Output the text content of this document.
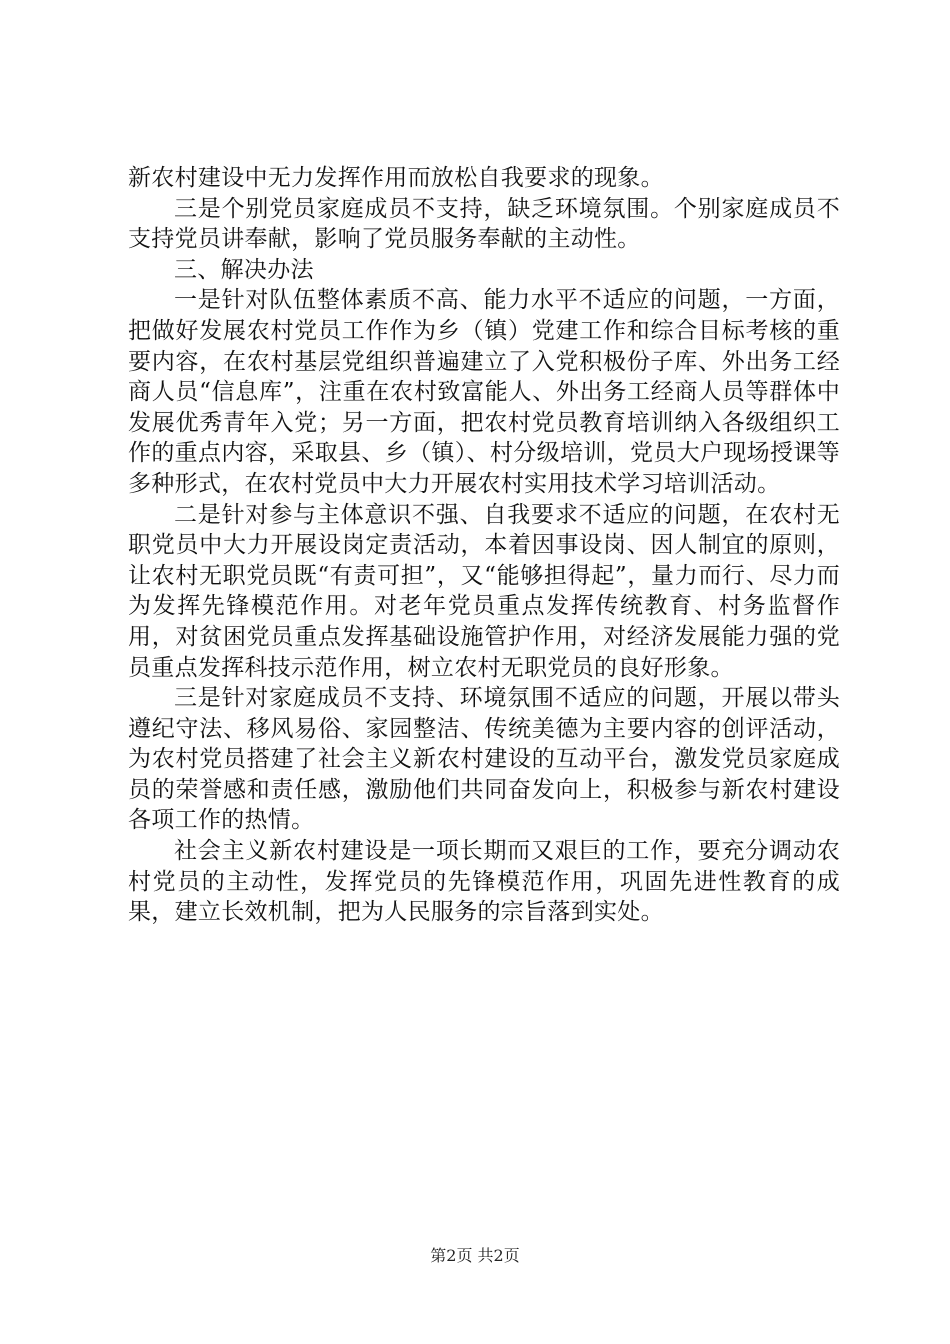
新农村建设中无力发挥作用而放松自我要求的现象。

三是个别党员家庭成员不支持，缺乏环境氛围。个别家庭成员不支持党员讲奉献，影响了党员服务奉献的主动性。

三、解决办法

一是针对队伍整体素质不高、能力水平不适应的问题，一方面，把做好发展农村党员工作作为乡（镇）党建工作和综合目标考核的重要内容，在农村基层党组织普遍建立了入党积极份子库、外出务工经商人员“信息库”，注重在农村致富能人、外出务工经商人员等群体中发展优秀青年入党；另一方面，把农村党员教育培训纳入各级组织工作的重点内容，采取县、乡（镇）、村分级培训，党员大户现场授课等多种形式，在农村党员中大力开展农村实用技术学习培训活动。

二是针对参与主体意识不强、自我要求不适应的问题，在农村无职党员中大力开展设岗定责活动，本着因事设岗、因人制宜的原则，让农村无职党员既“有责可担”，又“能够担得起”，量力而行、尽力而为发挥先锋模范作用。对老年党员重点发挥传统教育、村务监督作用，对贫困党员重点发挥基础设施管护作用，对经济发展能力强的党员重点发挥科技示范作用，树立农村无职党员的良好形象。

三是针对家庭成员不支持、环境氛围不适应的问题，开展以带头遵纪守法、移风易俗、家园整洁、传统美德为主要内容的创评活动，为农村党员搭建了社会主义新农村建设的互动平台，激发党员家庭成员的荣誉感和责任感，激励他们共同奋发向上，积极参与新农村建设各项工作的热情。

社会主义新农村建设是一项长期而又艰巨的工作，要充分调动农村党员的主动性，发挥党员的先锋模范作用，巩固先进性教育的成果，建立长效机制，把为人民服务的宗旨落到实处。

第2页 共2页
